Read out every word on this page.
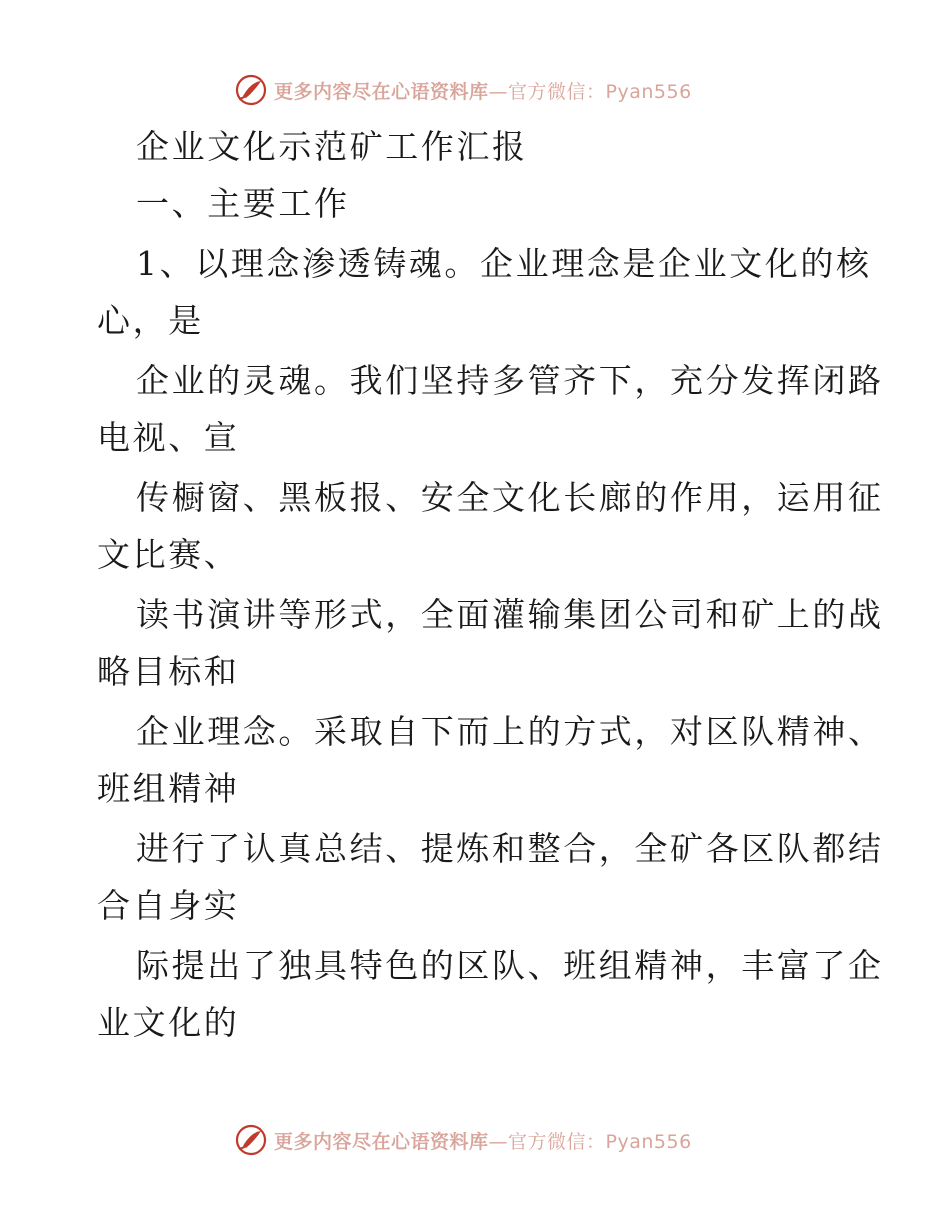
更多内容尽在心语资料库—官方微信：Pyan556
企业文化示范矿工作汇报
一、主要工作
1、以理念渗透铸魂。企业理念是企业文化的核
心，是
企业的灵魂。我们坚持多管齐下，充分发挥闭路
电视、宣
传橱窗、黑板报、安全文化长廊的作用，运用征
文比赛、
读书演讲等形式，全面灌输集团公司和矿上的战
略目标和
企业理念。采取自下而上的方式，对区队精神、
班组精神
进行了认真总结、提炼和整合，全矿各区队都结
合自身实
际提出了独具特色的区队、班组精神，丰富了企
业文化的
更多内容尽在心语资料库—官方微信：Pyan556
